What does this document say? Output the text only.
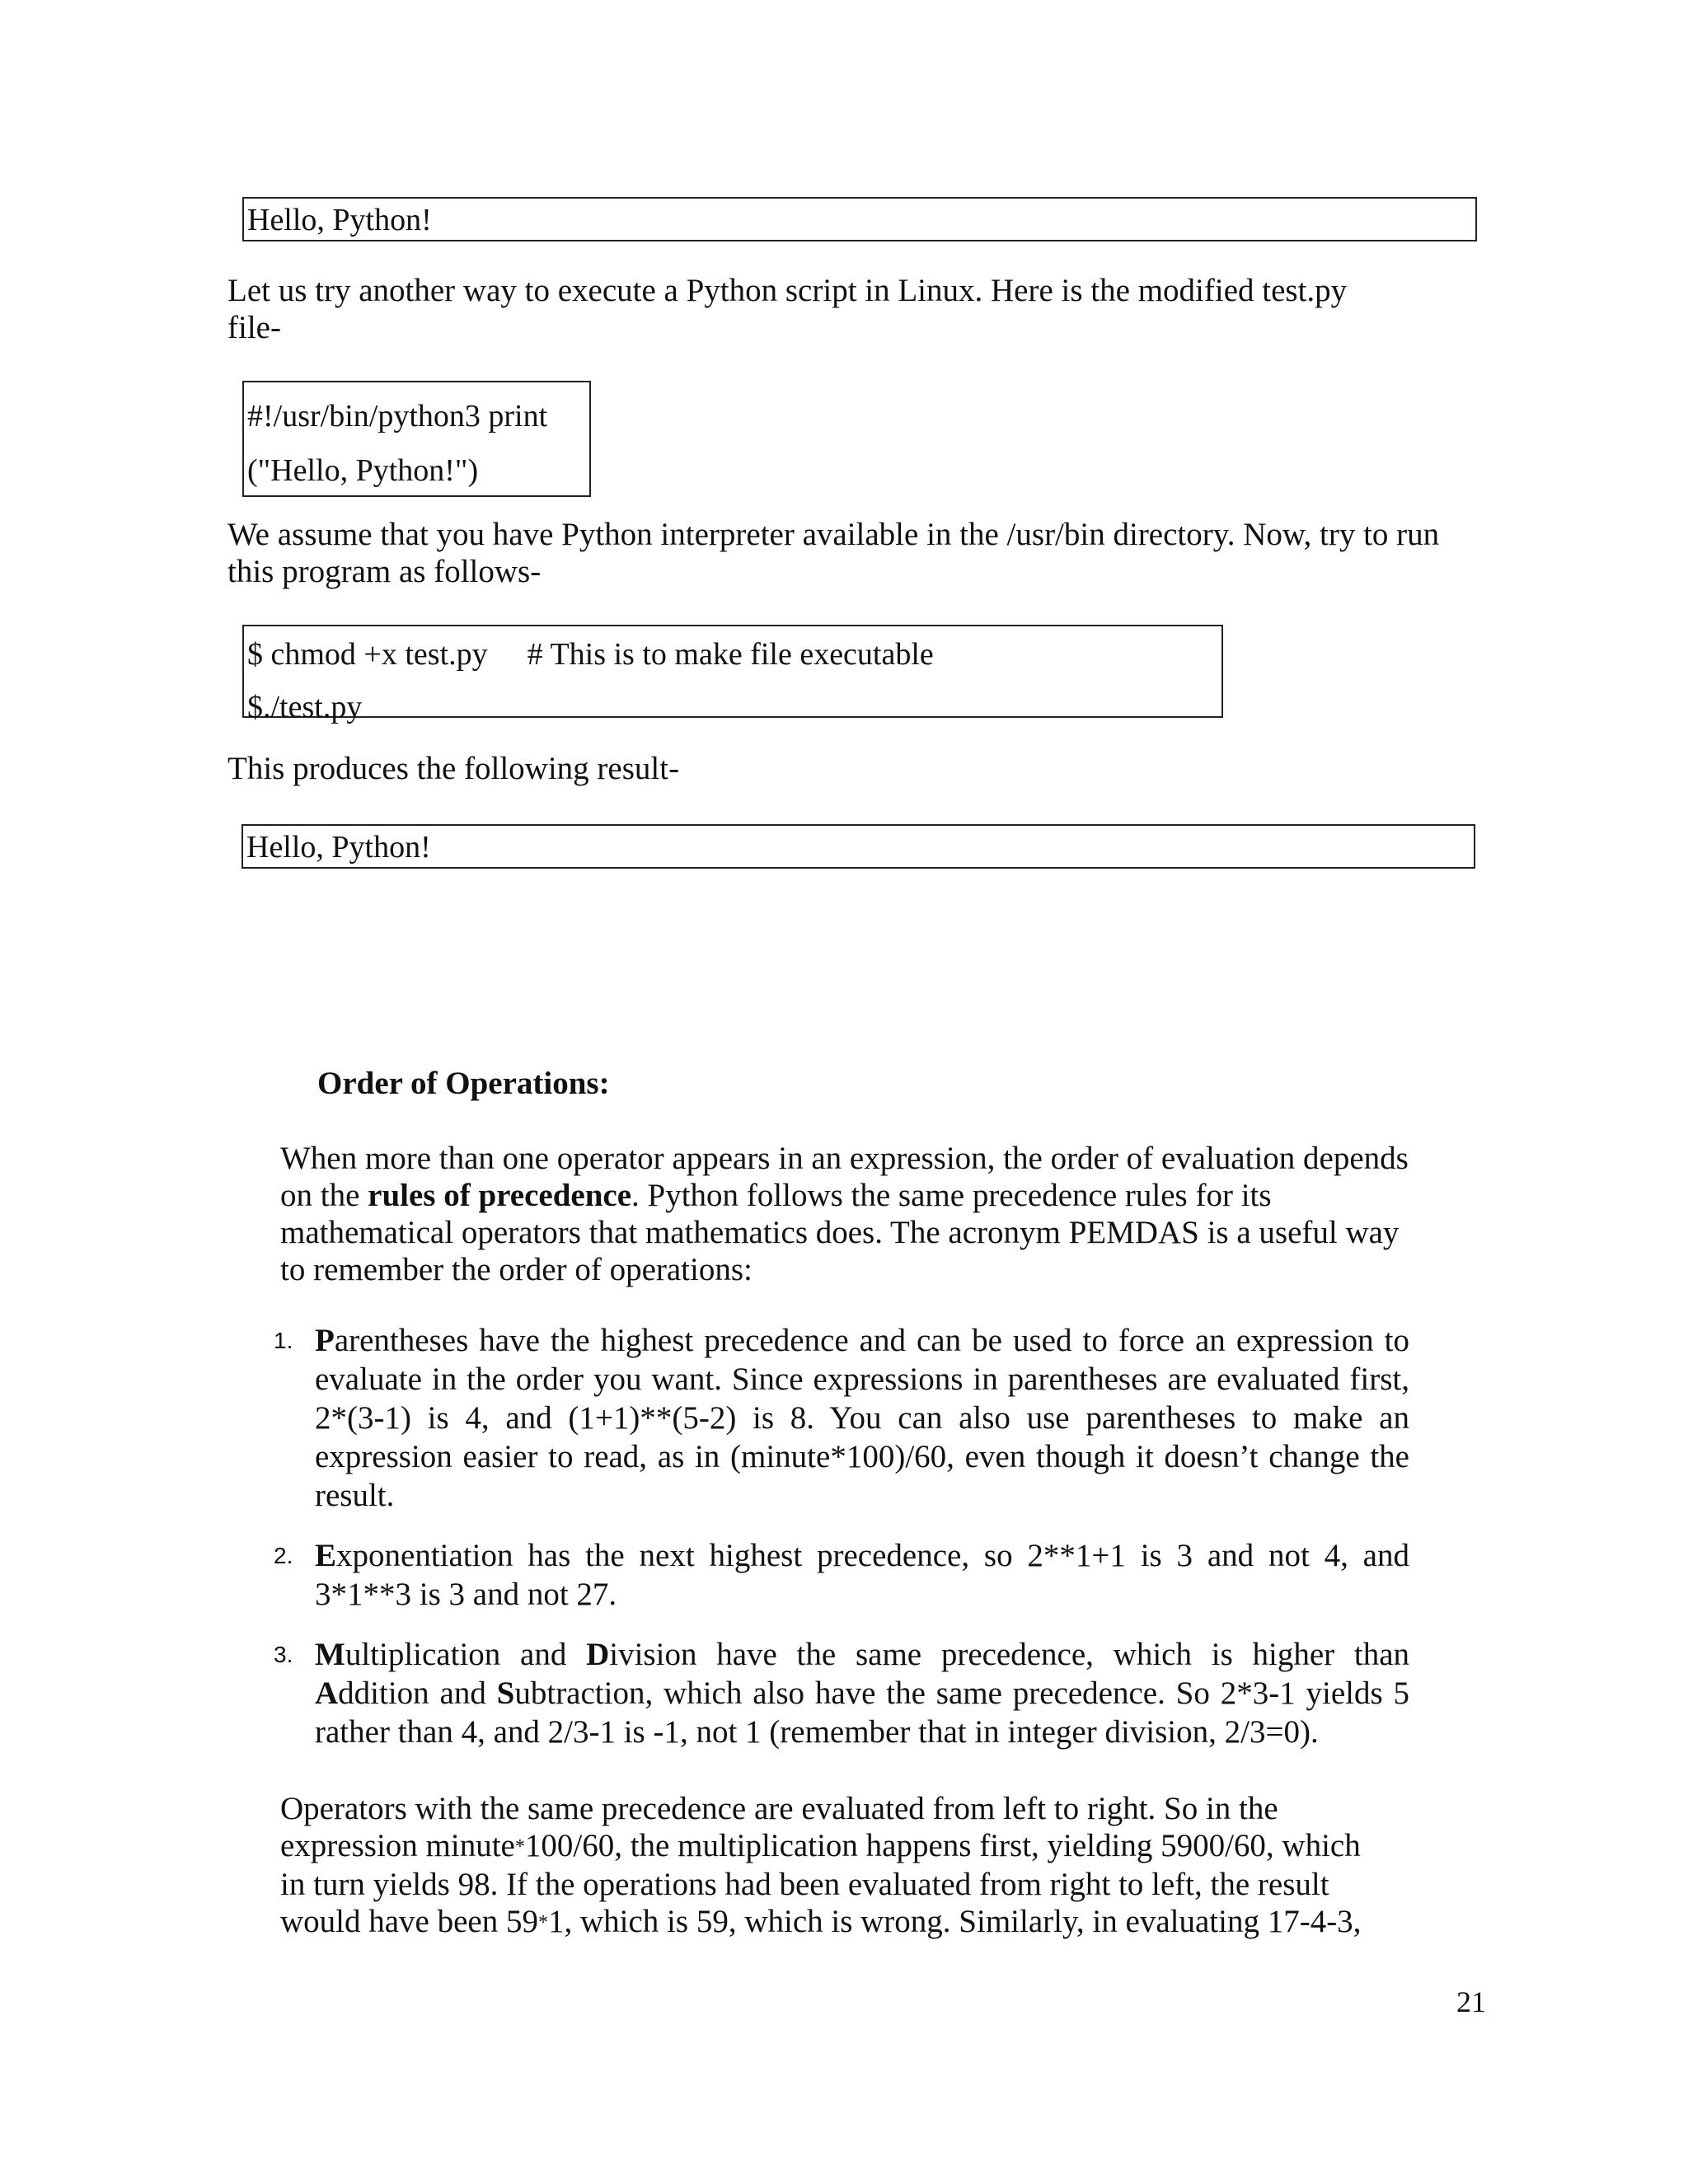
Hello, Python!

Let us try another way to execute a Python script in Linux. Here is the modified test.py
file-

#!/usr/bin/python3 print
("Hello, Python!")

We assume that you have Python interpreter available in the /usr/bin directory. Now, try to run
this program as follows-

$ chmod +x test.py # This is to make file executable
$./test.py

This produces the following result-

Hello, Python!
Order of Operations:

When more than one operator appears in an expression, the order of evaluation depends on the rules of precedence. Python follows the same precedence rules for its mathematical operators that mathematics does. The acronym PEMDAS is a useful way to remember the order of operations:

1. Parentheses have the highest precedence and can be used to force an expression to evaluate in the order you want. Since expressions in parentheses are evaluated first, 2*(3-1) is 4, and (1+1)**(5-2) is 8. You can also use parentheses to make an expression easier to read, as in (minute*100)/60, even though it doesn’t change the result.
2. Exponentiation has the next highest precedence, so 2**1+1 is 3 and not 4, and 3*1**3 is 3 and not 27.
3. Multiplication and Division have the same precedence, which is higher than Addition and Subtraction, which also have the same precedence. So 2*3-1 yields 5 rather than 4, and 2/3-1 is -1, not 1 (remember that in integer division, 2/3=0).

Operators with the same precedence are evaluated from left to right. So in the
expression minute*100/60, the multiplication happens first, yielding 5900/60, which
in turn yields 98. If the operations had been evaluated from right to left, the result
would have been 59*1, which is 59, which is wrong. Similarly, in evaluating 17-4-3,

21
